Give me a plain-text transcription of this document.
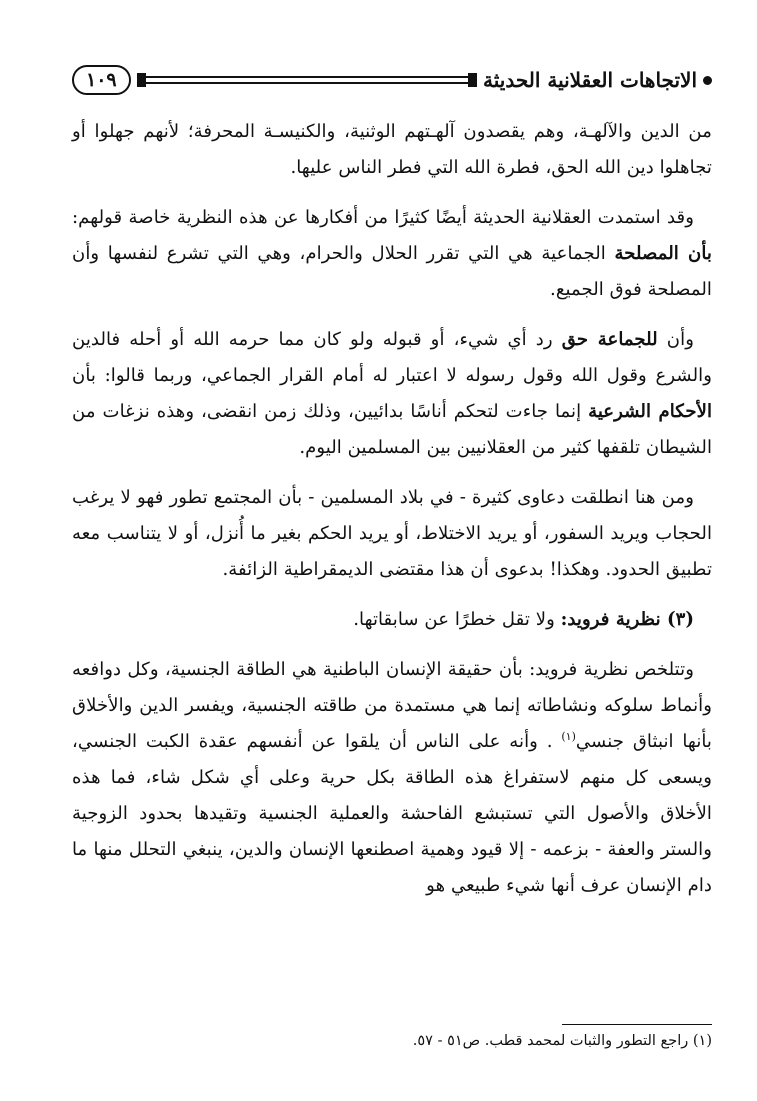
الاتجاهات العقلانية الحديثة
١٠٩

من الدين والآلهـة، وهم يقصدون آلهـتهم الوثنية، والكنيسـة المحرفة؛ لأنهم جهلوا أو تجاهلوا دين الله الحق، فطرة الله التي فطر الناس عليها.

وقد استمدت العقلانية الحديثة أيضًا كثيرًا من أفكارها عن هذه النظرية خاصة قولهم: بأن المصلحة الجماعية هي التي تقرر الحلال والحرام، وهي التي تشرع لنفسها وأن المصلحة فوق الجميع.

وأن للجماعة حق رد أي شيء، أو قبوله ولو كان مما حرمه الله أو أحله فالدين والشرع وقول الله وقول رسوله لا اعتبار له أمام القرار الجماعي، وربما قالوا: بأن الأحكام الشرعية إنما جاءت لتحكم أناسًا بدائيين، وذلك زمن انقضى، وهذه نزغات من الشيطان تلقفها كثير من العقلانيين بين المسلمين اليوم.

ومن هنا انطلقت دعاوى كثيرة - في بلاد المسلمين - بأن المجتمع تطور فهو لا يرغب الحجاب ويريد السفور، أو يريد الاختلاط، أو يريد الحكم بغير ما أُنزل، أو لا يتناسب معه تطبيق الحدود. وهكذا! بدعوى أن هذا مقتضى الديمقراطية الزائفة.

(٣) نظرية فرويد: ولا تقل خطرًا عن سابقاتها.

وتتلخص نظرية فرويد: بأن حقيقة الإنسان الباطنية هي الطاقة الجنسية، وكل دوافعه وأنماط سلوكه ونشاطاته إنما هي مستمدة من طاقته الجنسية، ويفسر الدين والأخلاق بأنها انبثاق جنسي$^{(١)}$ . وأنه على الناس أن يلقوا عن أنفسهم عقدة الكبت الجنسي، ويسعى كل منهم لاستفراغ هذه الطاقة بكل حرية وعلى أي شكل شاء، فما هذه الأخلاق والأصول التي تستبشع الفاحشة والعملية الجنسية وتقيدها بحدود الزوجية والستر والعفة - بزعمه - إلا قيود وهمية اصطنعها الإنسان والدين، ينبغي التحلل منها ما دام الإنسان عرف أنها شيء طبيعي هو

(١) راجع التطور والثبات لمحمد قطب. ص٥١ - ٥٧.
